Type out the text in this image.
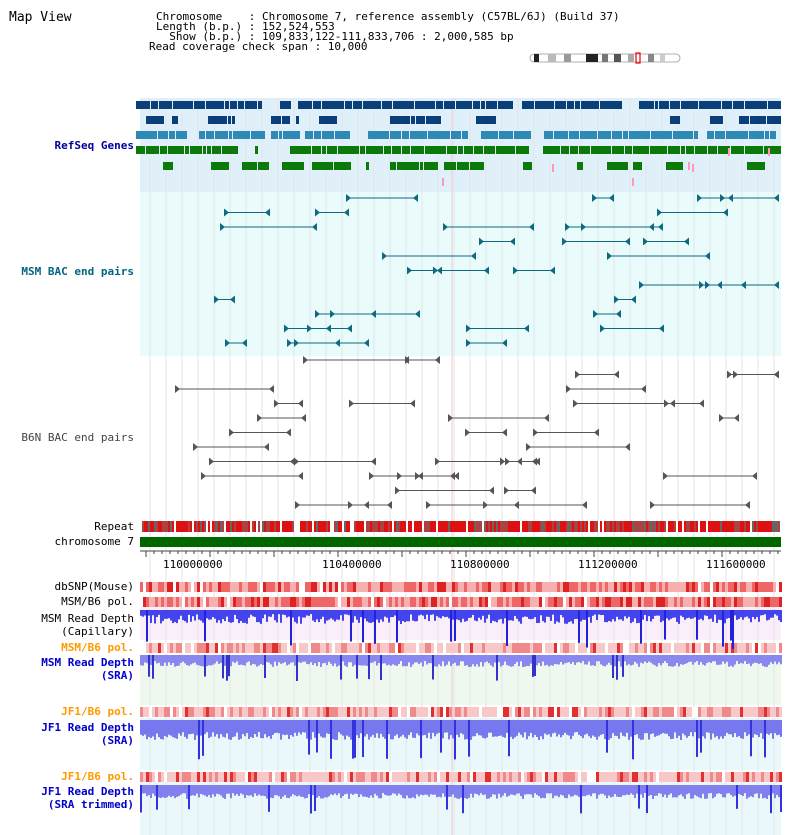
Map View	Chromosome    : Chromosome 7, reference assembly (C57BL/6J) (Build 37)
Length (b.p.) : 152,524,553
Show (b.p.) : 109,833,122-111,833,706 : 2,000,585 bp
Read coverage check span : 10,000
110000000	110400000	110800000	111200000	111600000
RefSeq Genes
MSM BAC end pairs
B6N BAC end pairs
Repeat
chromosome 7
dbSNP(Mouse)
MSM/B6 pol.
MSM Read Depth
(Capillary)
MSM/B6 pol.
MSM Read Depth
(SRA)
JF1/B6 pol.
JF1 Read Depth
(SRA)
JF1/B6 pol.
JF1 Read Depth
(SRA trimmed)
